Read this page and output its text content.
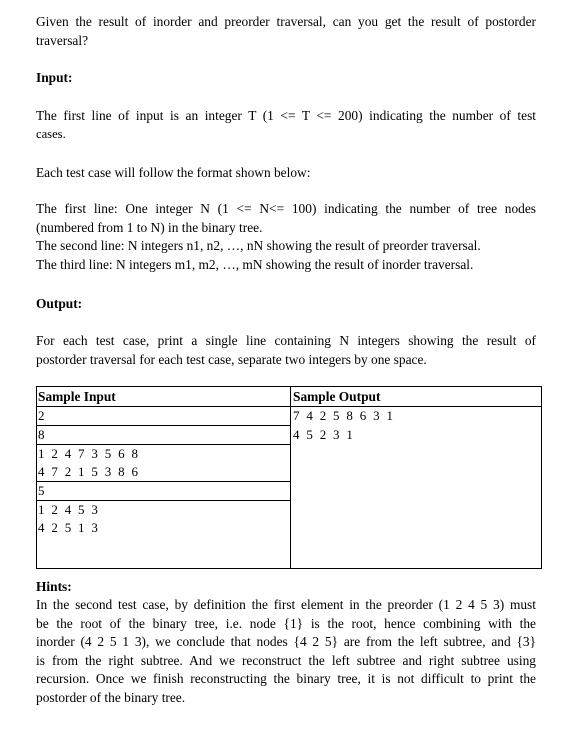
Given the result of inorder and preorder traversal, can you get the result of postorder
traversal?
Input:
The first line of input is an integer T (1 <= T <= 200) indicating the number of test
cases.
Each test case will follow the format shown below:
The first line: One integer N (1 <= N<= 100) indicating the number of tree nodes
(numbered from 1 to N) in the binary tree.
The second line: N integers n1, n2, …, nN showing the result of preorder traversal.
The third line: N integers m1, m2, …, mN showing the result of inorder traversal.
Output:
For each test case, print a single line containing N integers showing the result of
postorder traversal for each test case, separate two integers by one space.
Sample Input	Sample Output
2
8
1 2 4 7 3 5 6 8
4 7 2 1 5 3 8 6
5
1 2 4 5 3
4 2 5 1 3
7 4 2 5 8 6 3 1
4 5 2 3 1
Hints:
In the second test case, by definition the first element in the preorder (1 2 4 5 3) must
be the root of the binary tree, i.e. node {1} is the root, hence combining with the
inorder (4 2 5 1 3), we conclude that nodes {4 2 5} are from the left subtree, and {3}
is from the right subtree. And we reconstruct the left subtree and right subtree using
recursion. Once we finish reconstructing the binary tree, it is not difficult to print the
postorder of the binary tree.
